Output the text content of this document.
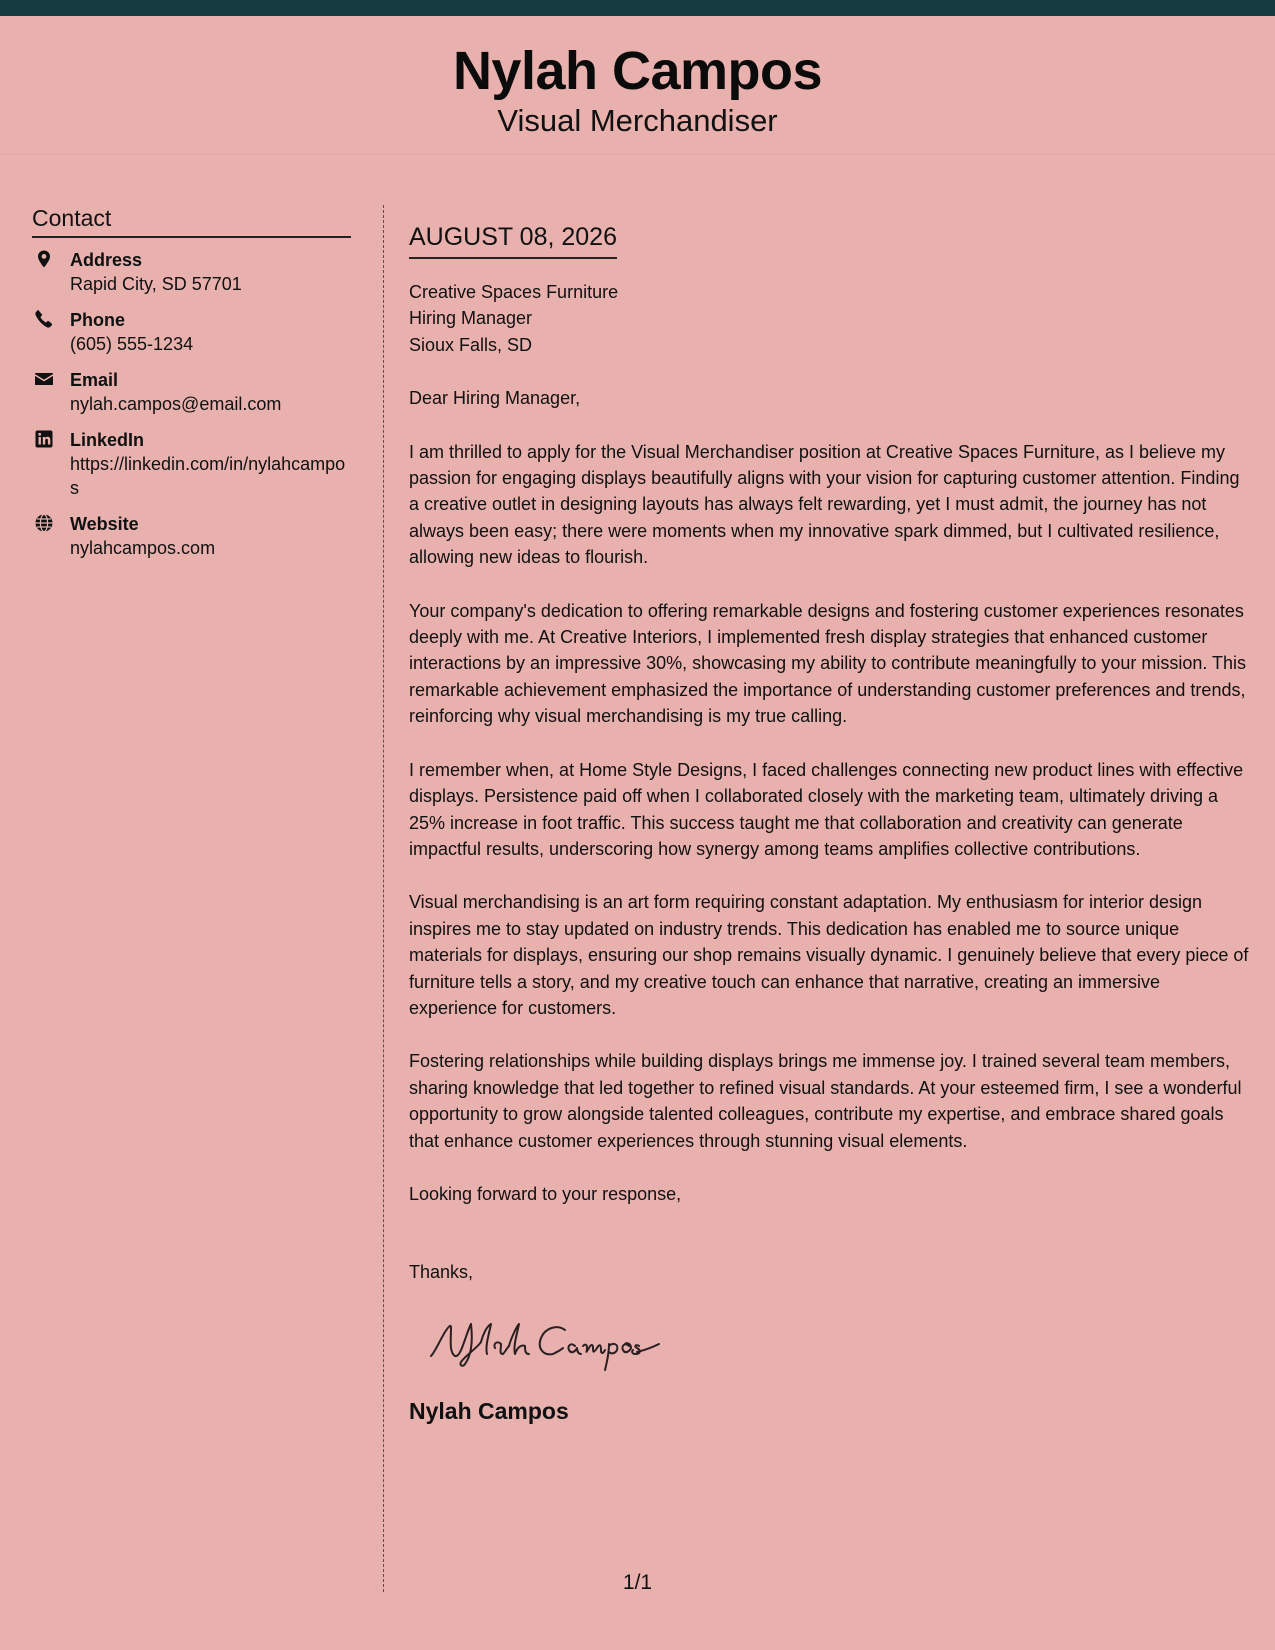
Nylah Campos
Visual Merchandiser
Contact
Address
Rapid City, SD 57701
Phone
(605) 555-1234
Email
nylah.campos@email.com
LinkedIn
https://linkedin.com/in/nylahcampos
Website
nylahcampos.com
AUGUST 08, 2026
Creative Spaces Furniture
Hiring Manager
Sioux Falls, SD
Dear Hiring Manager,
I am thrilled to apply for the Visual Merchandiser position at Creative Spaces Furniture, as I believe my passion for engaging displays beautifully aligns with your vision for capturing customer attention. Finding a creative outlet in designing layouts has always felt rewarding, yet I must admit, the journey has not always been easy; there were moments when my innovative spark dimmed, but I cultivated resilience, allowing new ideas to flourish.
Your company's dedication to offering remarkable designs and fostering customer experiences resonates deeply with me. At Creative Interiors, I implemented fresh display strategies that enhanced customer interactions by an impressive 30%, showcasing my ability to contribute meaningfully to your mission. This remarkable achievement emphasized the importance of understanding customer preferences and trends, reinforcing why visual merchandising is my true calling.
I remember when, at Home Style Designs, I faced challenges connecting new product lines with effective displays. Persistence paid off when I collaborated closely with the marketing team, ultimately driving a 25% increase in foot traffic. This success taught me that collaboration and creativity can generate impactful results, underscoring how synergy among teams amplifies collective contributions.
Visual merchandising is an art form requiring constant adaptation. My enthusiasm for interior design inspires me to stay updated on industry trends. This dedication has enabled me to source unique materials for displays, ensuring our shop remains visually dynamic. I genuinely believe that every piece of furniture tells a story, and my creative touch can enhance that narrative, creating an immersive experience for customers.
Fostering relationships while building displays brings me immense joy. I trained several team members, sharing knowledge that led together to refined visual standards. At your esteemed firm, I see a wonderful opportunity to grow alongside talented colleagues, contribute my expertise, and embrace shared goals that enhance customer experiences through stunning visual elements.
Looking forward to your response,
Thanks,
Nylah Campos
1/1
